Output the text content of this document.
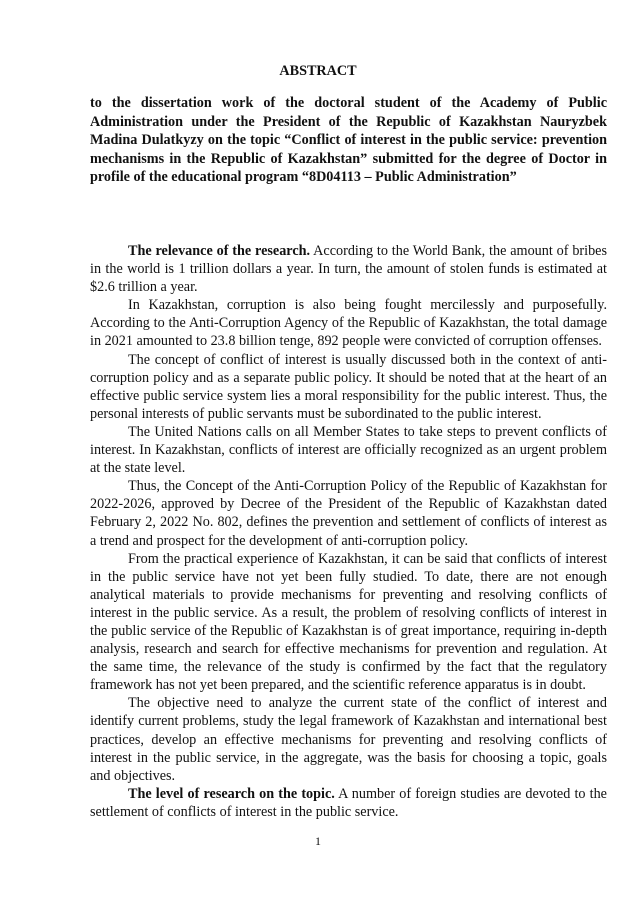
ABSTRACT
to the dissertation work of the doctoral student of the Academy of Public Administration under the President of the Republic of Kazakhstan Nauryzbek Madina Dulatkyzy on the topic “Conflict of interest in the public service: prevention mechanisms in the Republic of Kazakhstan” submitted for the degree of Doctor in profile of the educational program “8D04113 – Public Administration”

The relevance of the research. According to the World Bank, the amount of bribes in the world is 1 trillion dollars a year. In turn, the amount of stolen funds is estimated at $2.6 trillion a year.

In Kazakhstan, corruption is also being fought mercilessly and purposefully. According to the Anti-Corruption Agency of the Republic of Kazakhstan, the total damage in 2021 amounted to 23.8 billion tenge, 892 people were convicted of corruption offenses.

The concept of conflict of interest is usually discussed both in the context of anti-corruption policy and as a separate public policy. It should be noted that at the heart of an effective public service system lies a moral responsibility for the public interest. Thus, the personal interests of public servants must be subordinated to the public interest.

The United Nations calls on all Member States to take steps to prevent conflicts of interest. In Kazakhstan, conflicts of interest are officially recognized as an urgent problem at the state level.

Thus, the Concept of the Anti-Corruption Policy of the Republic of Kazakhstan for 2022-2026, approved by Decree of the President of the Republic of Kazakhstan dated February 2, 2022 No. 802, defines the prevention and settlement of conflicts of interest as a trend and prospect for the development of anti-corruption policy.

From the practical experience of Kazakhstan, it can be said that conflicts of interest in the public service have not yet been fully studied. To date, there are not enough analytical materials to provide mechanisms for preventing and resolving conflicts of interest in the public service. As a result, the problem of resolving conflicts of interest in the public service of the Republic of Kazakhstan is of great importance, requiring in-depth analysis, research and search for effective mechanisms for prevention and regulation. At the same time, the relevance of the study is confirmed by the fact that the regulatory framework has not yet been prepared, and the scientific reference apparatus is in doubt.

The objective need to analyze the current state of the conflict of interest and identify current problems, study the legal framework of Kazakhstan and international best practices, develop an effective mechanisms for preventing and resolving conflicts of interest in the public service, in the aggregate, was the basis for choosing a topic, goals and objectives.

The level of research on the topic. A number of foreign studies are devoted to the settlement of conflicts of interest in the public service.

1
